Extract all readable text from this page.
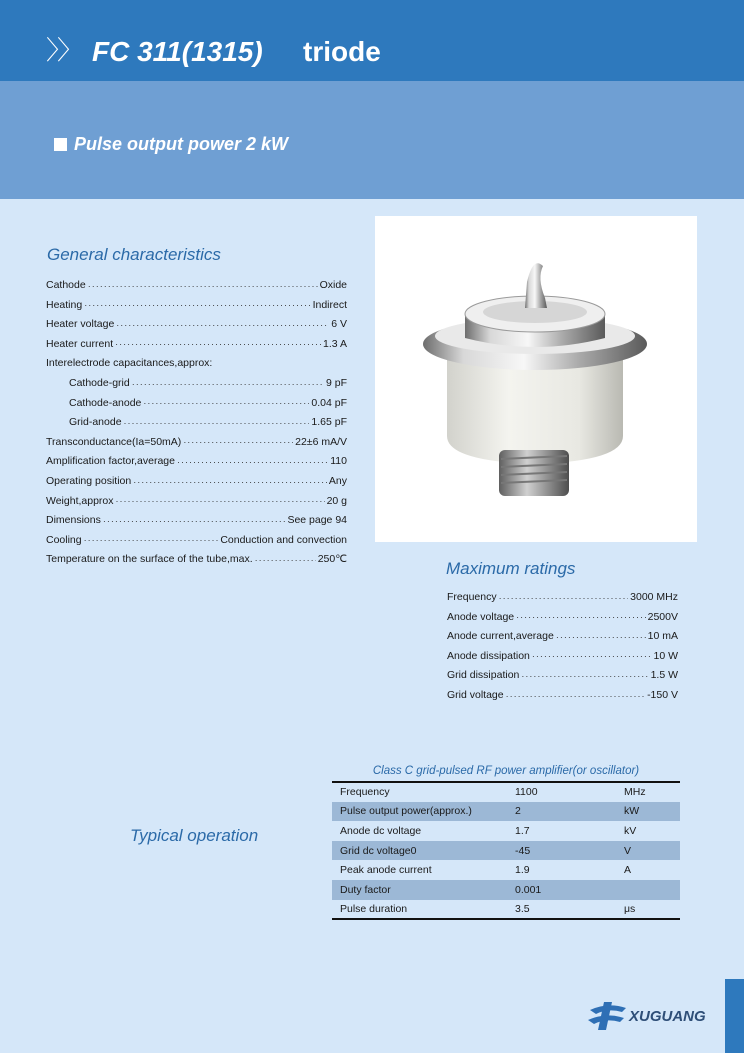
〉〉 FC 311(1315) triode
Pulse output power 2 kW
General characteristics
Cathode ·····	Oxide
Heating ·····	Indirect
Heater voltage ·····	6 V
Heater current ·····	1.3 A
Interelectrode capacitances,approx:
Cathode-grid ·····	9 pF
Cathode-anode ·····	0.04 pF
Grid-anode ·····	1.65 pF
Transconductance(Ia=50mA) ·····	22±6 mA/V
Amplification factor,average ·····	110
Operating position ·····	Any
Weight,approx ·····	20 g
Dimensions ·····	See page 94
Cooling ·····	Conduction and convection
Temperature on the surface of the tube,max. ·····	250℃	Maximum ratings
Frequency ·····	3000 MHz
Anode voltage ·····	2500V
Anode current,average ·····	10 mA
Anode dissipation ·····	10 W
Grid dissipation ·····	1.5 W
Grid voltage ·····	-150 V
Class C grid-pulsed RF power amplifier(or oscillator)
Frequency	1100	MHz
Pulse output power(approx.)	2	kW
Anode dc voltage	1.7	kV
Grid dc voltage0	-45	V
Peak anode current	1.9	A
Duty factor	0.001	
Pulse duration	3.5	μs
Typical operation
XUGUANG
